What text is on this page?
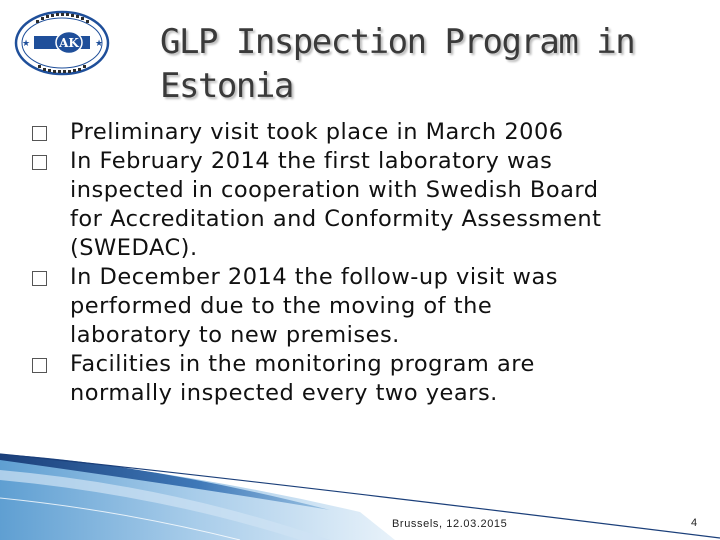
★	★
AK GLP Inspection Program in
Estonia
Preliminary visit took place in March 2006
In February 2014 the first laboratory was
inspected in cooperation with Swedish Board
for Accreditation and Conformity Assessment
(SWEDAC).
In December 2014 the follow-up visit was
performed due to the moving of the
laboratory to new premises.
Facilities in the monitoring program are
normally inspected every two years.
Brussels, 12.03.2015	4
